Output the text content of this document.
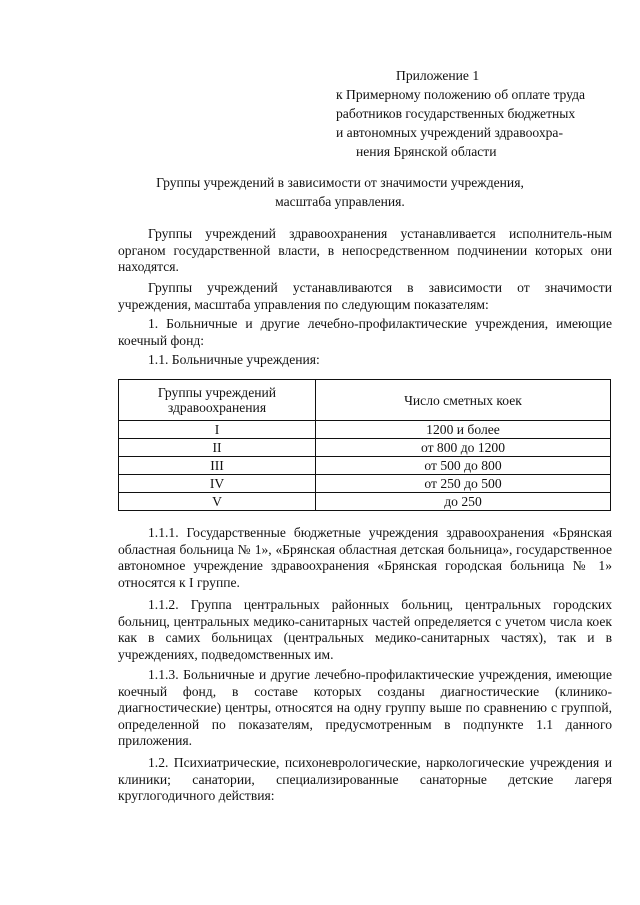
Приложение 1
к Примерному положению об оплате труда
работников государственных бюджетных
и автономных учреждений здравоохра-
нения Брянской области
Группы учреждений в зависимости от значимости учреждения,
масштаба управления.
Группы учреждений здравоохранения устанавливается исполнитель-ным органом государственной власти, в непосредственном подчинении которых они находятся.
Группы учреждений устанавливаются в зависимости от значимости учреждения, масштаба управления по следующим показателям:
1. Больничные и другие лечебно-профилактические учреждения, имеющие коечный фонд:
1.1. Больничные учреждения:
Группы учреждений здравоохранения	Число сметных коек
I	1200 и более
II	от 800 до 1200
III	от 500 до 800
IV	от 250 до 500
V	до 250
1.1.1. Государственные бюджетные учреждения здравоохранения «Брянская областная больница № 1», «Брянская областная детская больница», государственное автономное учреждение здравоохранения «Брянская городская больница № 1» относятся к I группе.
1.1.2. Группа центральных районных больниц, центральных городских больниц, центральных медико-санитарных частей определяется с учетом числа коек как в самих больницах (центральных медико-санитарных частях), так и в учреждениях, подведомственных им.
1.1.3. Больничные и другие лечебно-профилактические учреждения, имеющие коечный фонд, в составе которых созданы диагностические (клинико-диагностические) центры, относятся на одну группу выше по сравнению с группой, определенной по показателям, предусмотренным в подпункте 1.1 данного приложения.
1.2. Психиатрические, психоневрологические, наркологические учреждения и клиники; санатории, специализированные санаторные детские лагеря круглогодичного действия:
